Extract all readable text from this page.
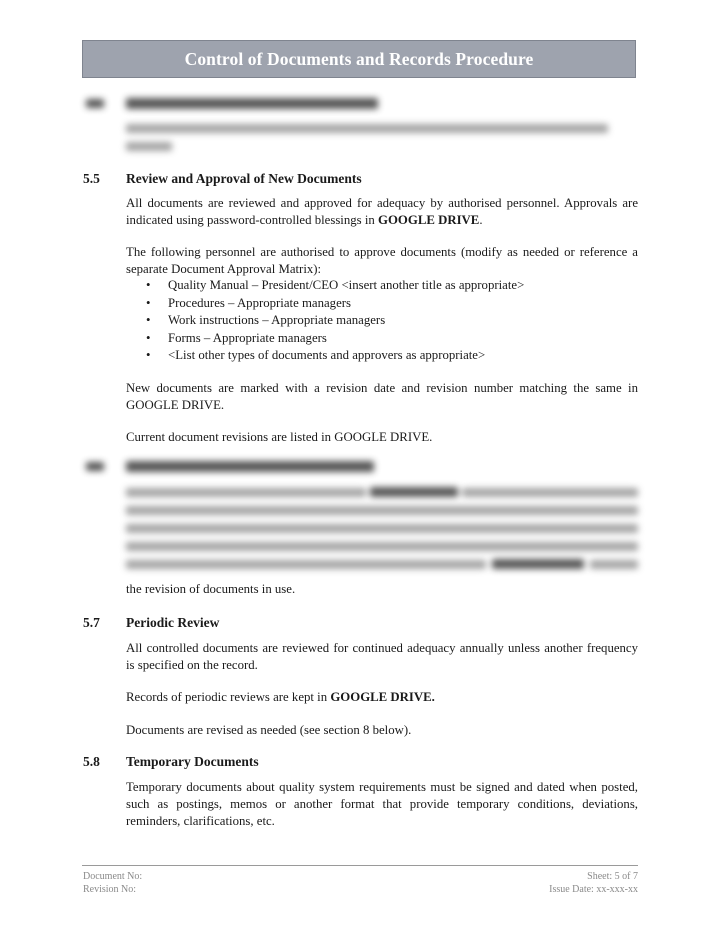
Control of Documents and Records Procedure
5.5 Review and Approval of New Documents

All documents are reviewed and approved for adequacy by authorised personnel. Approvals are indicated using password-controlled blessings in GOOGLE DRIVE.

The following personnel are authorised to approve documents (modify as needed or reference a separate Document Approval Matrix):

• Quality Manual – President/CEO <insert another title as appropriate>
• Procedures – Appropriate managers
• Work instructions – Appropriate managers
• Forms – Appropriate managers
• <List other types of documents and approvers as appropriate>

New documents are marked with a revision date and revision number matching the same in GOOGLE DRIVE.

Current document revisions are listed in GOOGLE DRIVE.

the revision of documents in use.

5.7 Periodic Review

All controlled documents are reviewed for continued adequacy annually unless another frequency is specified on the record.

Records of periodic reviews are kept in GOOGLE DRIVE.

Documents are revised as needed (see section 8 below).

5.8 Temporary Documents

Temporary documents about quality system requirements must be signed and dated when posted, such as postings, memos or another format that provide temporary conditions, deviations, reminders, clarifications, etc.

Document No:
Revision No:
Sheet: 5 of 7
Issue Date: xx-xxx-xx
